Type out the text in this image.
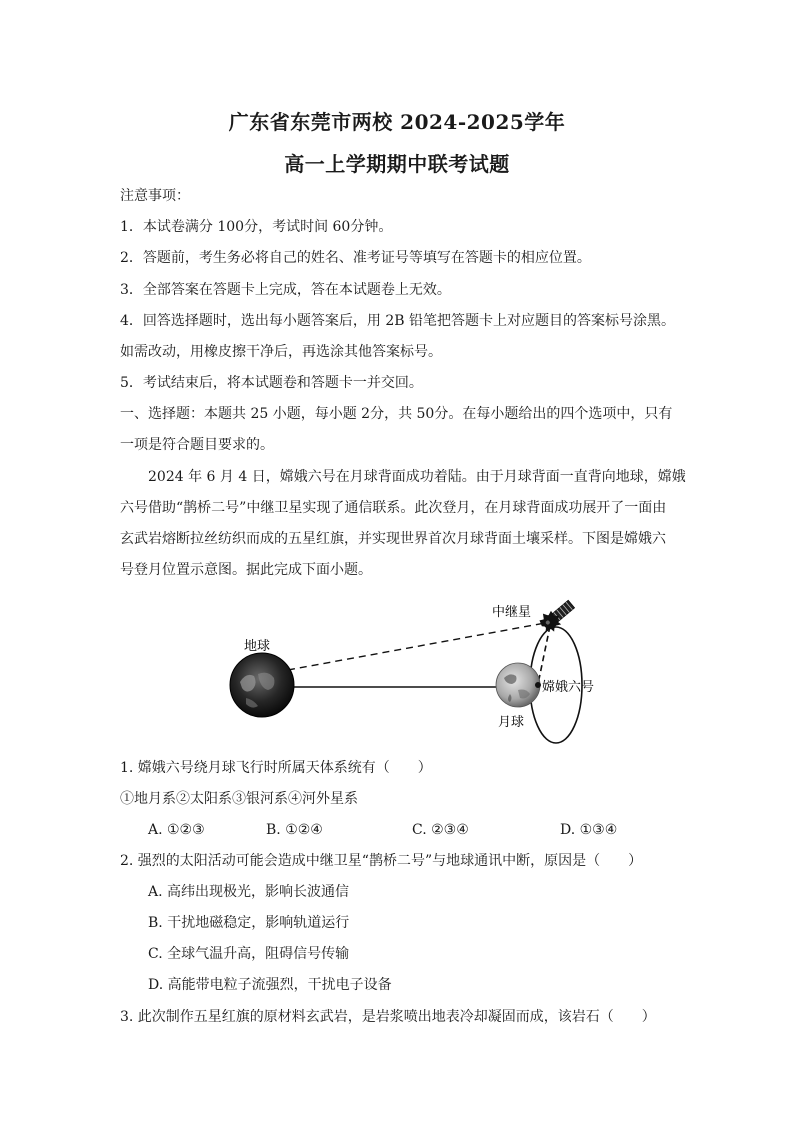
广东省东莞市两校 2024-2025学年
高一上学期期中联考试题
注意事项：
1．本试卷满分 100分，考试时间 60分钟。
2．答题前，考生务必将自己的姓名、准考证号等填写在答题卡的相应位置。
3．全部答案在答题卡上完成，答在本试题卷上无效。
4．回答选择题时，选出每小题答案后，用 2B 铅笔把答题卡上对应题目的答案标号涂黑。
如需改动，用橡皮擦干净后，再选涂其他答案标号。
5．考试结束后，将本试题卷和答题卡一并交回。
一、选择题：本题共 25 小题，每小题 2分，共 50分。在每小题给出的四个选项中，只有
一项是符合题目要求的。
2024 年 6 月 4 日，嫦娥六号在月球背面成功着陆。由于月球背面一直背向地球，嫦娥
六号借助“鹊桥二号”中继卫星实现了通信联系。此次登月，在月球背面成功展开了一面由
玄武岩熔断拉丝纺织而成的五星红旗，并实现世界首次月球背面土壤采样。下图是嫦娥六
号登月位置示意图。据此完成下面小题。
地球
中继星
嫦娥六号
月球
1. 嫦娥六号绕月球飞行时所属天体系统有（　　）
①地月系②太阳系③银河系④河外星系
A. ①②③	B. ①②④	C. ②③④	D. ①③④
2. 强烈的太阳活动可能会造成中继卫星“鹊桥二号”与地球通讯中断，原因是（　　）
A. 高纬出现极光，影响长波通信
B. 干扰地磁稳定，影响轨道运行
C. 全球气温升高，阻碍信号传输
D. 高能带电粒子流强烈，干扰电子设备
3. 此次制作五星红旗的原材料玄武岩，是岩浆喷出地表冷却凝固而成，该岩石（　　）
